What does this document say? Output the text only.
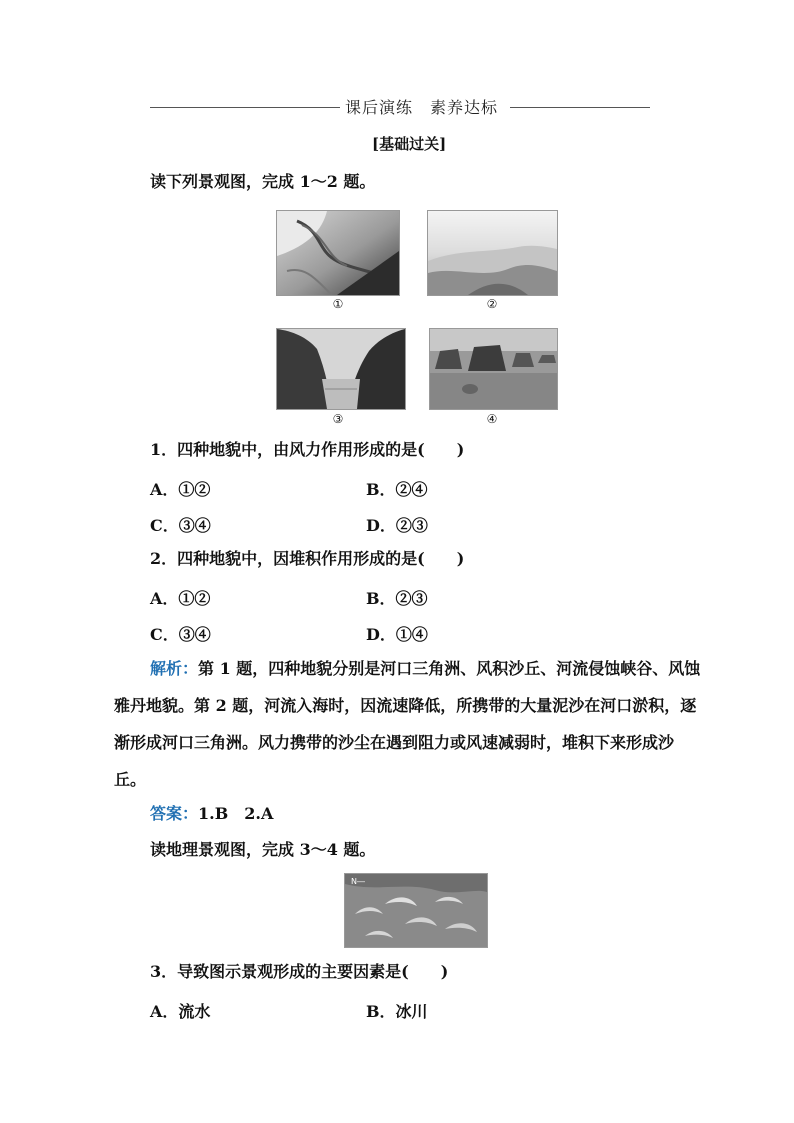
课后演练　素养达标
[基础过关]
读下列景观图，完成 1～2 题。
①	②
③	④
1．四种地貌中，由风力作用形成的是(　　)
A．①②	B．②④
C．③④	D．②③
2．四种地貌中，因堆积作用形成的是(　　)
A．①②	B．②③
C．③④	D．①④
解析：第 1 题，四种地貌分别是河口三角洲、风积沙丘、河流侵蚀峡谷、风蚀雅丹地貌。第 2 题，河流入海时，因流速降低，所携带的大量泥沙在河口淤积，逐渐形成河口三角洲。风力携带的沙尘在遇到阻力或风速减弱时，堆积下来形成沙丘。

答案：1.B　2.A
读地理景观图，完成 3～4 题。
N―
3．导致图示景观形成的主要因素是(　　)
A．流水	B．冰川
